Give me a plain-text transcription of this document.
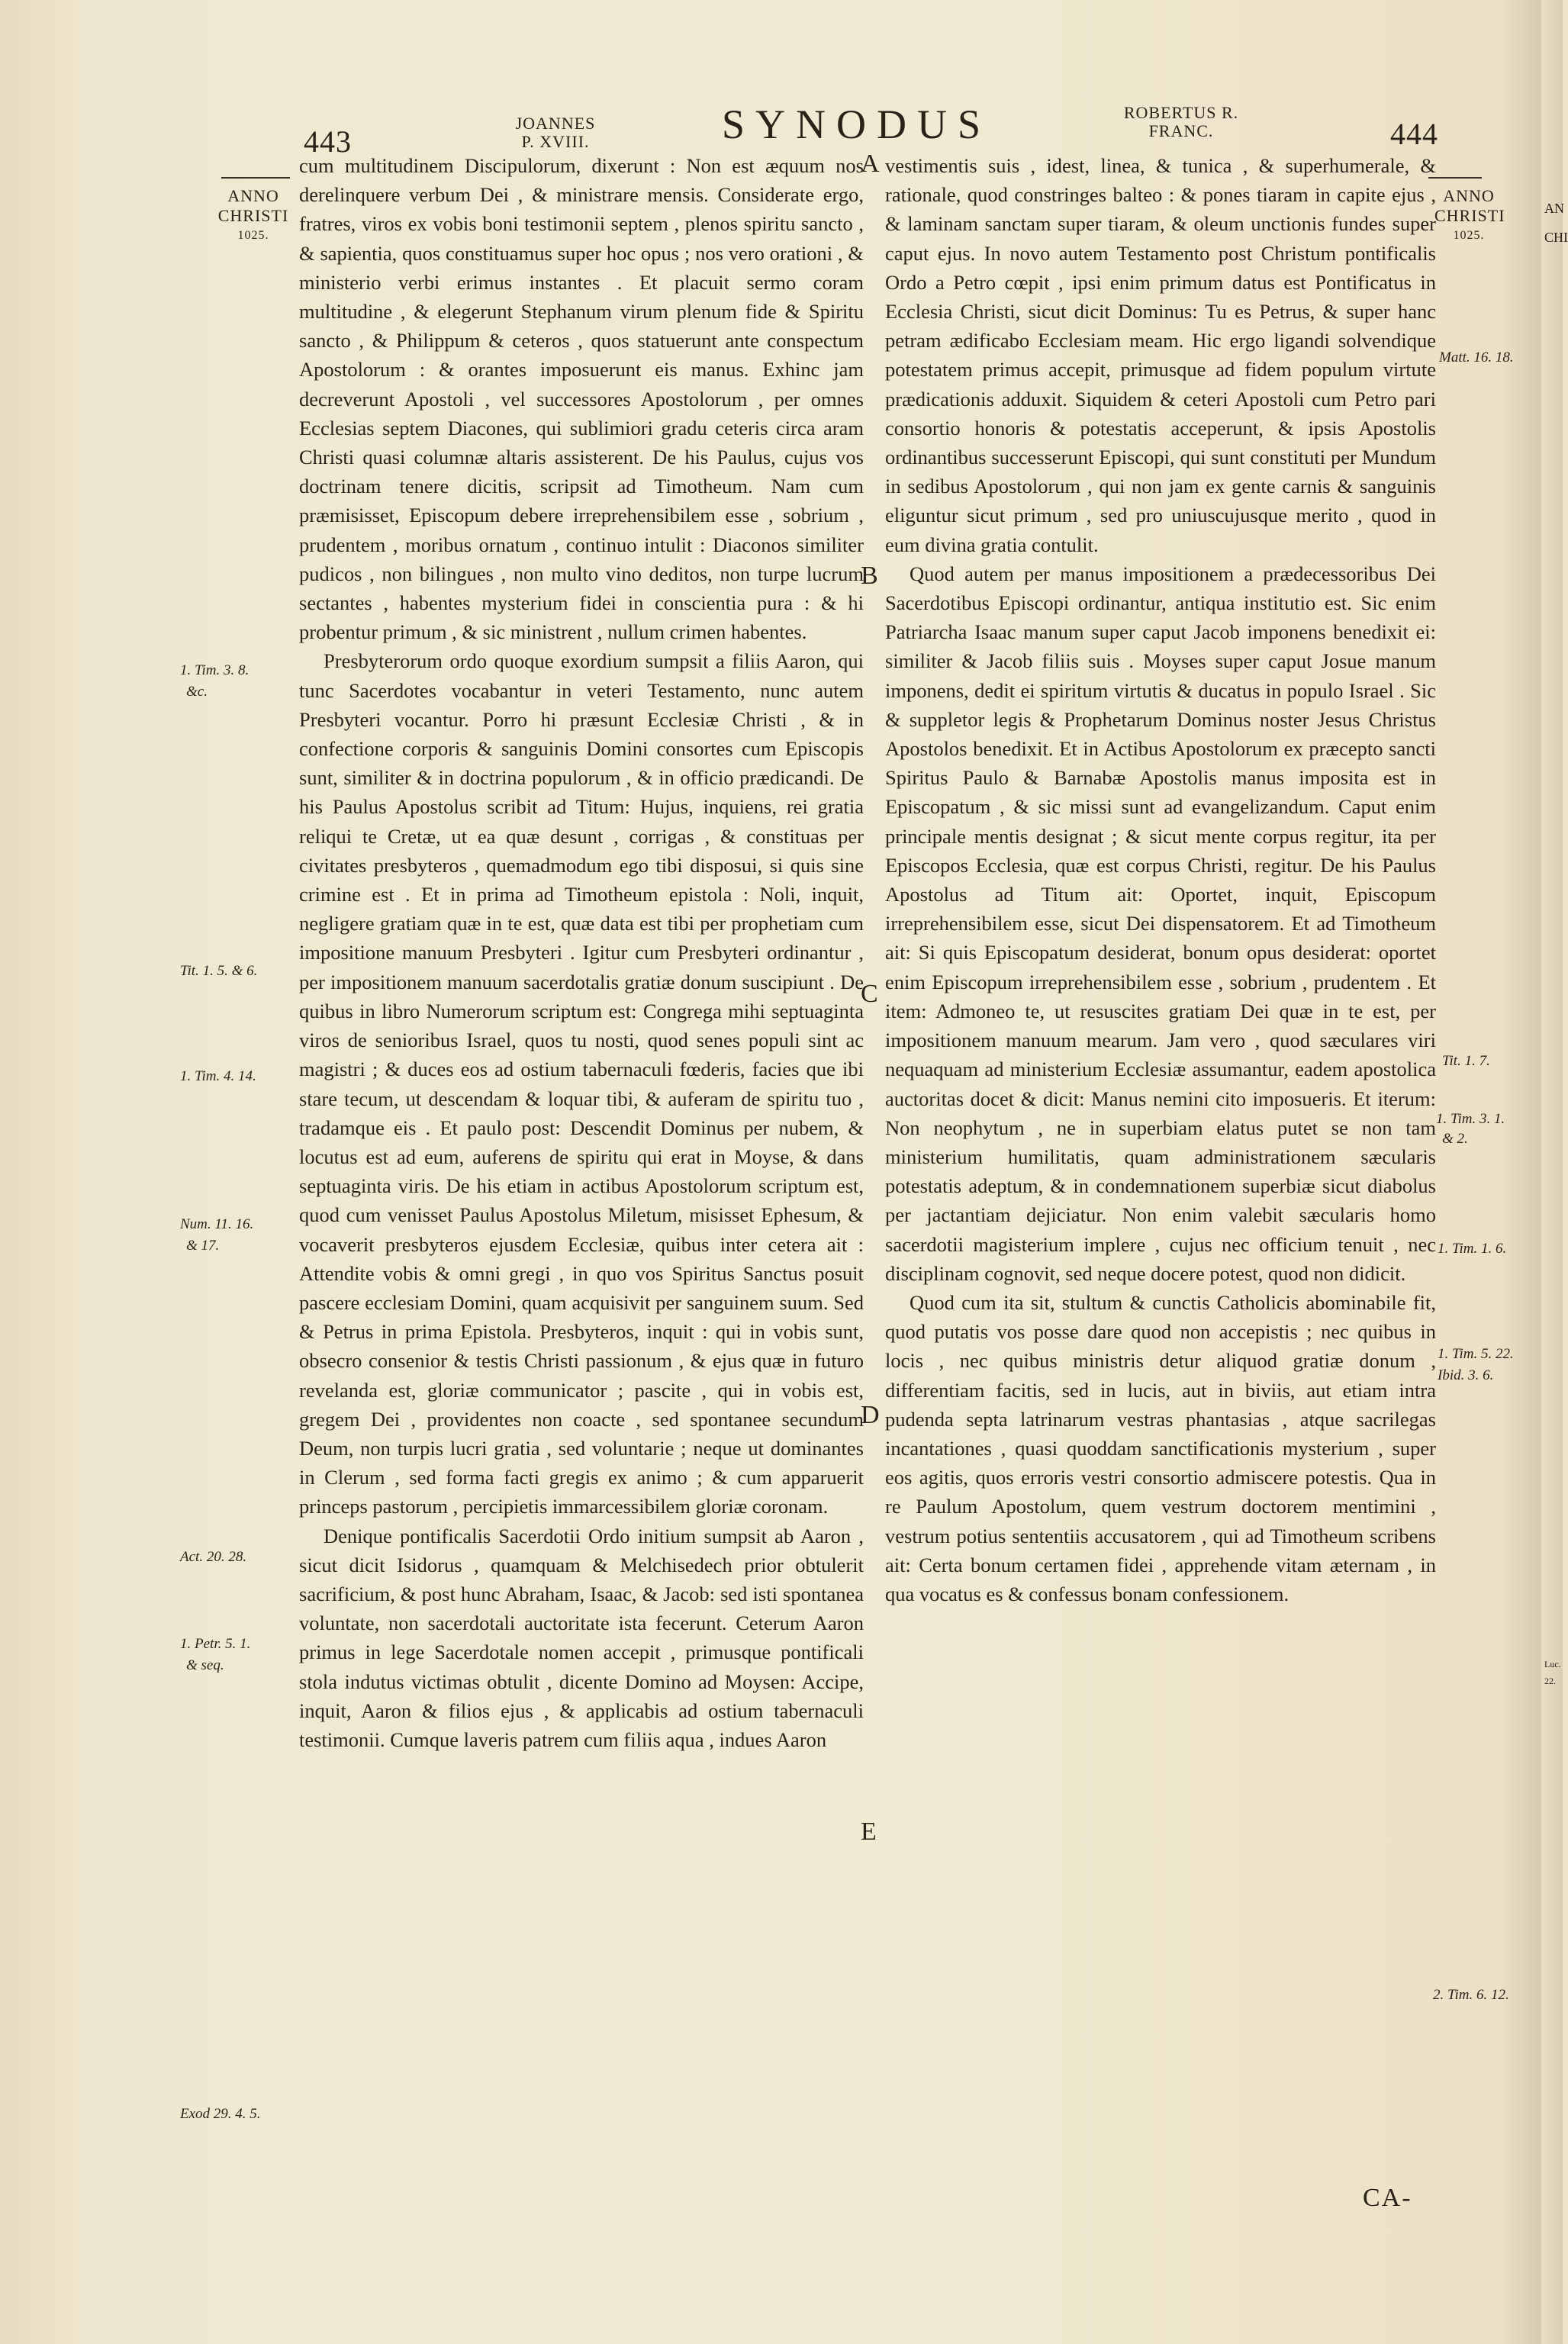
443
JOANNES
P. XVIII.	SYNODUS	ROBERTUS R.
FRANC.	444
ANNO
CHRISTI
1025.
ANNO
CHRISTI
1025.
1. Tim. 3. 8.
&c.
Tit. 1. 5. & 6.
1. Tim. 4. 14.
Num. 11. 16.
& 17.
Act. 20. 28.
1. Petr. 5. 1.
& seq.
Exod 29. 4. 5.
Matt. 16. 18.
Tit. 1. 7.
1. Tim. 3. 1.
& 2.
1. Tim. 1. 6.
1. Tim. 5. 22.
Ibid. 3. 6.
2. Tim. 6. 12.
A
B
C
D
E

cum multitudinem Discipulorum, dixerunt : Non est æquum nos derelinquere verbum Dei , & ministrare mensis. Considerate ergo, fratres, viros ex vobis boni testimonii septem , plenos spiritu sancto , & sapientia, quos constituamus super hoc opus ; nos vero orationi , & ministerio verbi erimus instantes . Et placuit sermo coram multitudine , & elegerunt Stephanum virum plenum fide & Spiritu sancto , & Philippum & ceteros , quos statuerunt ante conspectum Apostolorum : & orantes imposuerunt eis manus. Exhinc jam decreverunt Apostoli , vel successores Apostolorum , per omnes Ecclesias septem Diacones, qui sublimiori gradu ceteris circa aram Christi quasi columnæ altaris assisterent. De his Paulus, cujus vos doctrinam tenere dicitis, scripsit ad Timotheum. Nam cum præmisisset, Episcopum debere irreprehensibilem esse , sobrium , prudentem , moribus ornatum , continuo intulit : Diaconos similiter pudicos , non bilingues , non multo vino deditos, non turpe lucrum sectantes , habentes mysterium fidei in conscientia pura : & hi probentur primum , & sic ministrent , nullum crimen habentes.

Presbyterorum ordo quoque exordium sumpsit a filiis Aaron, qui tunc Sacerdotes vocabantur in veteri Testamento, nunc autem Presbyteri vocantur. Porro hi præsunt Ecclesiæ Christi , & in confectione corporis & sanguinis Domini consortes cum Episcopis sunt, similiter & in doctrina populorum , & in officio prædicandi. De his Paulus Apostolus scribit ad Titum: Hujus, inquiens, rei gratia reliqui te Cretæ, ut ea quæ desunt , corrigas , & constituas per civitates presbyteros , quemadmodum ego tibi disposui, si quis sine crimine est . Et in prima ad Timotheum epistola : Noli, inquit, negligere gratiam quæ in te est, quæ data est tibi per prophetiam cum impositione manuum Presbyteri . Igitur cum Presbyteri ordinantur , per impositionem manuum sacerdotalis gratiæ donum suscipiunt . De quibus in libro Numerorum scriptum est: Congrega mihi septuaginta viros de senioribus Israel, quos tu nosti, quod senes populi sint ac magistri ; & duces eos ad ostium tabernaculi fœderis, facies que ibi stare tecum, ut descendam & loquar tibi, & auferam de spiritu tuo , tradamque eis . Et paulo post: Descendit Dominus per nubem, & locutus est ad eum, auferens de spiritu qui erat in Moyse, & dans septuaginta viris. De his etiam in actibus Apostolorum scriptum est, quod cum venisset Paulus Apostolus Miletum, misisset Ephesum, & vocaverit presbyteros ejusdem Ecclesiæ, quibus inter cetera ait : Attendite vobis & omni gregi , in quo vos Spiritus Sanctus posuit pascere ecclesiam Domini, quam acquisivit per sanguinem suum. Sed & Petrus in prima Epistola. Presbyteros, inquit : qui in vobis sunt, obsecro consenior & testis Christi passionum , & ejus quæ in futuro revelanda est, gloriæ communicator ; pascite , qui in vobis est, gregem Dei , providentes non coacte , sed spontanee secundum Deum, non turpis lucri gratia , sed voluntarie ; neque ut dominantes in Clerum , sed forma facti gregis ex animo ; & cum apparuerit princeps pastorum , percipietis immarcessibilem gloriæ coronam.

Denique pontificalis Sacerdotii Ordo initium sumpsit ab Aaron , sicut dicit Isidorus , quamquam & Melchisedech prior obtulerit sacrificium, & post hunc Abraham, Isaac, & Jacob: sed isti spontanea voluntate, non sacerdotali auctoritate ista fecerunt. Ceterum Aaron primus in lege Sacerdotale nomen accepit , primusque pontificali stola indutus victimas obtulit , dicente Domino ad Moysen: Accipe, inquit, Aaron & filios ejus , & applicabis ad ostium tabernaculi testimonii. Cumque laveris patrem cum filiis aqua , indues Aaron

vestimentis suis , idest, linea, & tunica , & superhumerale, & rationale, quod constringes balteo : & pones tiaram in capite ejus , & laminam sanctam super tiaram, & oleum unctionis fundes super caput ejus. In novo autem Testamento post Christum pontificalis Ordo a Petro cœpit , ipsi enim primum datus est Pontificatus in Ecclesia Christi, sicut dicit Dominus: Tu es Petrus, & super hanc petram ædificabo Ecclesiam meam. Hic ergo ligandi solvendique potestatem primus accepit, primusque ad fidem populum virtute prædicationis adduxit. Siquidem & ceteri Apostoli cum Petro pari consortio honoris & potestatis acceperunt, & ipsis Apostolis ordinantibus successerunt Episcopi, qui sunt constituti per Mundum in sedibus Apostolorum , qui non jam ex gente carnis & sanguinis eliguntur sicut primum , sed pro uniuscujusque merito , quod in eum divina gratia contulit.

Quod autem per manus impositionem a prædecessoribus Dei Sacerdotibus Episcopi ordinantur, antiqua institutio est. Sic enim Patriarcha Isaac manum super caput Jacob imponens benedixit ei: similiter & Jacob filiis suis . Moyses super caput Josue manum imponens, dedit ei spiritum virtutis & ducatus in populo Israel . Sic & suppletor legis & Prophetarum Dominus noster Jesus Christus Apostolos benedixit. Et in Actibus Apostolorum ex præcepto sancti Spiritus Paulo & Barnabæ Apostolis manus imposita est in Episcopatum , & sic missi sunt ad evangelizandum. Caput enim principale mentis designat ; & sicut mente corpus regitur, ita per Episcopos Ecclesia, quæ est corpus Christi, regitur. De his Paulus Apostolus ad Titum ait: Oportet, inquit, Episcopum irreprehensibilem esse, sicut Dei dispensatorem. Et ad Timotheum ait: Si quis Episcopatum desiderat, bonum opus desiderat: oportet enim Episcopum irreprehensibilem esse , sobrium , prudentem . Et item: Admoneo te, ut resuscites gratiam Dei quæ in te est, per impositionem manuum mearum. Jam vero , quod sæculares viri nequaquam ad ministerium Ecclesiæ assumantur, eadem apostolica auctoritas docet & dicit: Manus nemini cito imposueris. Et iterum: Non neophytum , ne in superbiam elatus putet se non tam ministerium humilitatis, quam administrationem sæcularis potestatis adeptum, & in condemnationem superbiæ sicut diabolus per jactantiam dejiciatur. Non enim valebit sæcularis homo sacerdotii magisterium implere , cujus nec officium tenuit , nec disciplinam cognovit, sed neque docere potest, quod non didicit.

Quod cum ita sit, stultum & cunctis Catholicis abominabile fit, quod putatis vos posse dare quod non accepistis ; nec quibus in locis , nec quibus ministris detur aliquod gratiæ donum , differentiam facitis, sed in lucis, aut in biviis, aut etiam intra pudenda septa latrinarum vestras phantasias , atque sacrilegas incantationes , quasi quoddam sanctificationis mysterium , super eos agitis, quos erroris vestri consortio admiscere potestis. Qua in re Paulum Apostolum, quem vestrum doctorem mentimini , vestrum potius sententiis accusatorem , qui ad Timotheum scribens ait: Certa bonum certamen fidei , apprehende vitam æternam , in qua vocatus es & confessus bonam confessionem.

CA-
AN
CHI
Luc. 22.
